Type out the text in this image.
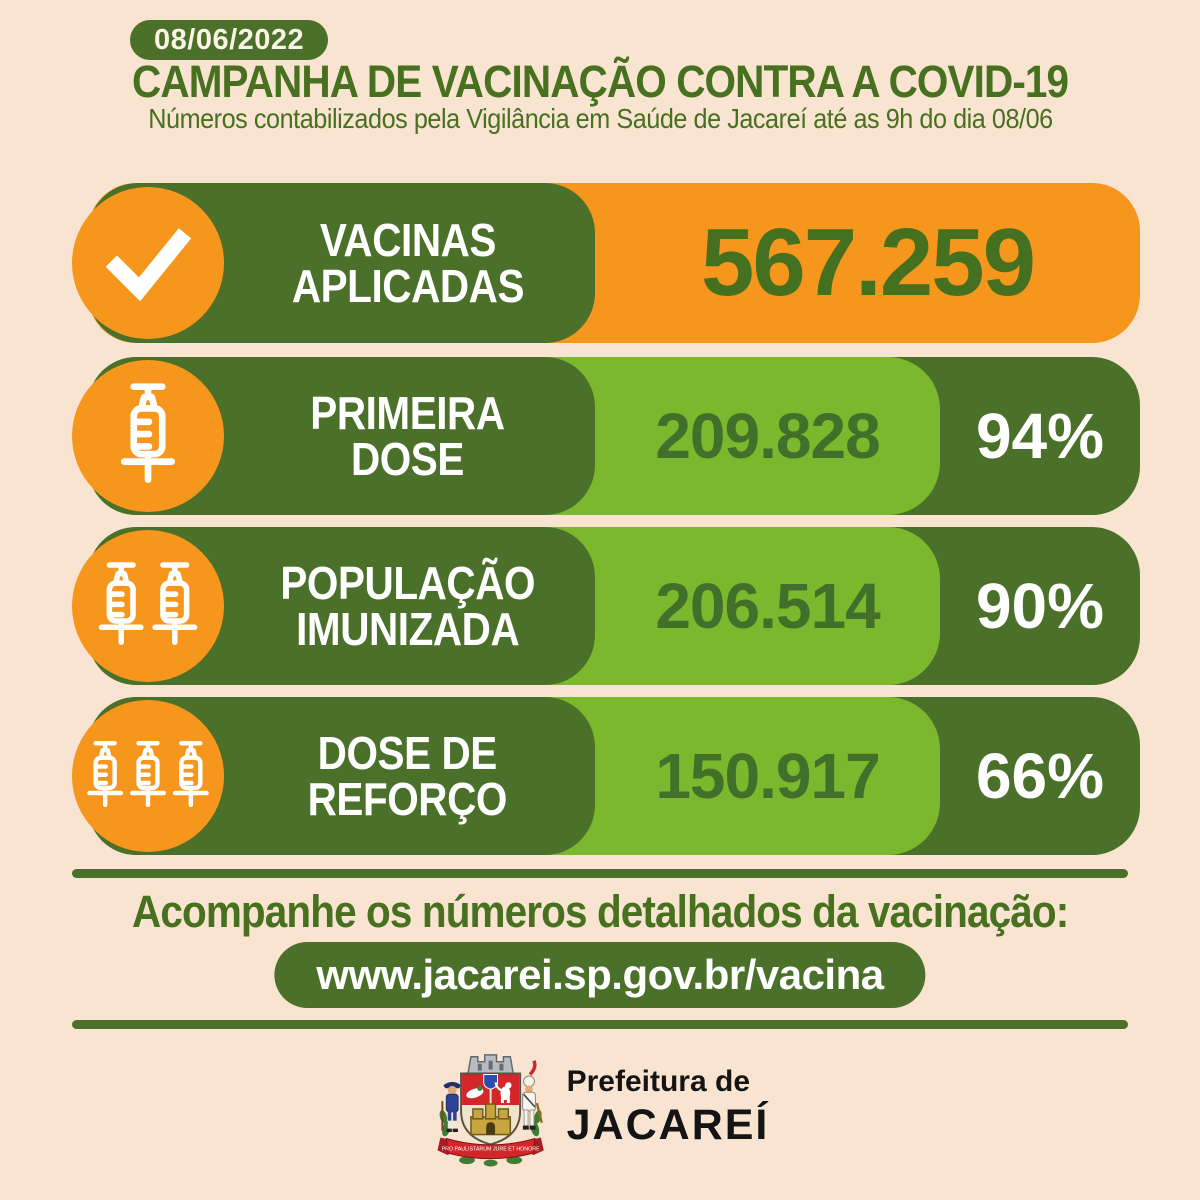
08/06/2022
CAMPANHA DE VACINAÇÃO CONTRA A COVID-19
Números contabilizados pela Vigilância em Saúde de Jacareí até as 9h do dia 08/06
VACINAS
APLICADAS	567.259
PRIMEIRA
DOSE	209.828	94%
POPULAÇÃO
IMUNIZADA	206.514	90%
DOSE DE
REFORÇO	150.917	66%
Acompanhe os números detalhados da vacinação:
www.jacarei.sp.gov.br/vacina
PRO PAULISTARUM JURE ET HONORE
Prefeitura de
JACAREÍ
